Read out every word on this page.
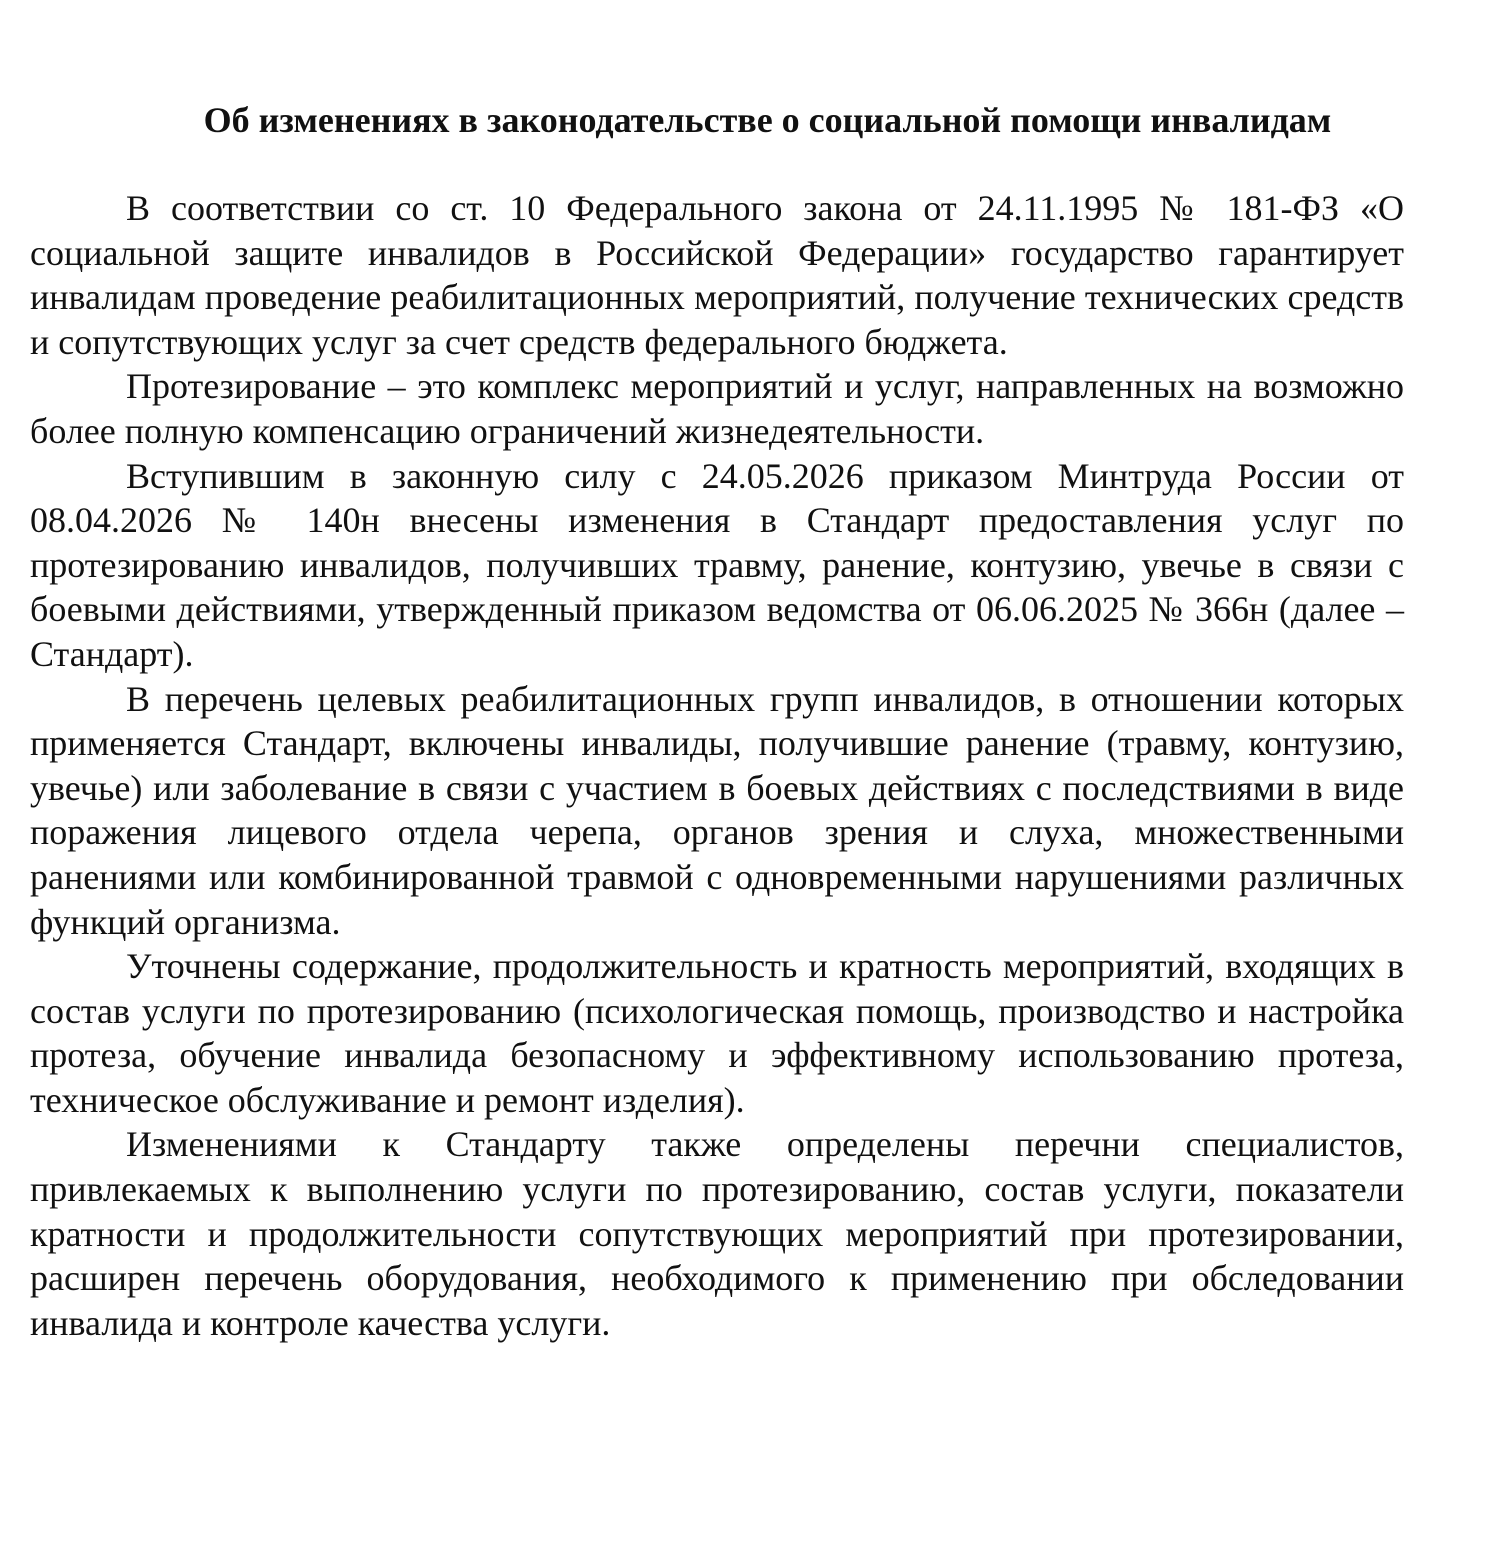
Об изменениях в законодательстве о социальной помощи инвалидам

В соответствии со ст. 10 Федерального закона от 24.11.1995 № 181-ФЗ «О социальной защите инвалидов в Российской Федерации» государство гарантирует инвалидам проведение реабилитационных мероприятий, получение технических средств и сопутствующих услуг за счет средств федерального бюджета.

Протезирование – это комплекс мероприятий и услуг, направленных на возможно более полную компенсацию ограничений жизнедеятельности.

Вступившим в законную силу с 24.05.2026 приказом Минтруда России от 08.04.2026 № 140н внесены изменения в Стандарт предоставления услуг по протезированию инвалидов, получивших травму, ранение, контузию, увечье в связи с боевыми действиями, утвержденный приказом ведомства от 06.06.2025 № 366н (далее – Стандарт).

В перечень целевых реабилитационных групп инвалидов, в отношении которых применяется Стандарт, включены инвалиды, получившие ранение (травму, контузию, увечье) или заболевание в связи с участием в боевых действиях с последствиями в виде поражения лицевого отдела черепа, органов зрения и слуха, множественными ранениями или комбинированной травмой с одновременными нарушениями различных функций организма.

Уточнены содержание, продолжительность и кратность мероприятий, входящих в состав услуги по протезированию (психологическая помощь, производство и настройка протеза, обучение инвалида безопасному и эффективному использованию протеза, техническое обслуживание и ремонт изделия).

Изменениями к Стандарту также определены перечни специалистов, привлекаемых к выполнению услуги по протезированию, состав услуги, показатели кратности и продолжительности сопутствующих мероприятий при протезировании, расширен перечень оборудования, необходимого к применению при обследовании инвалида и контроле качества услуги.
